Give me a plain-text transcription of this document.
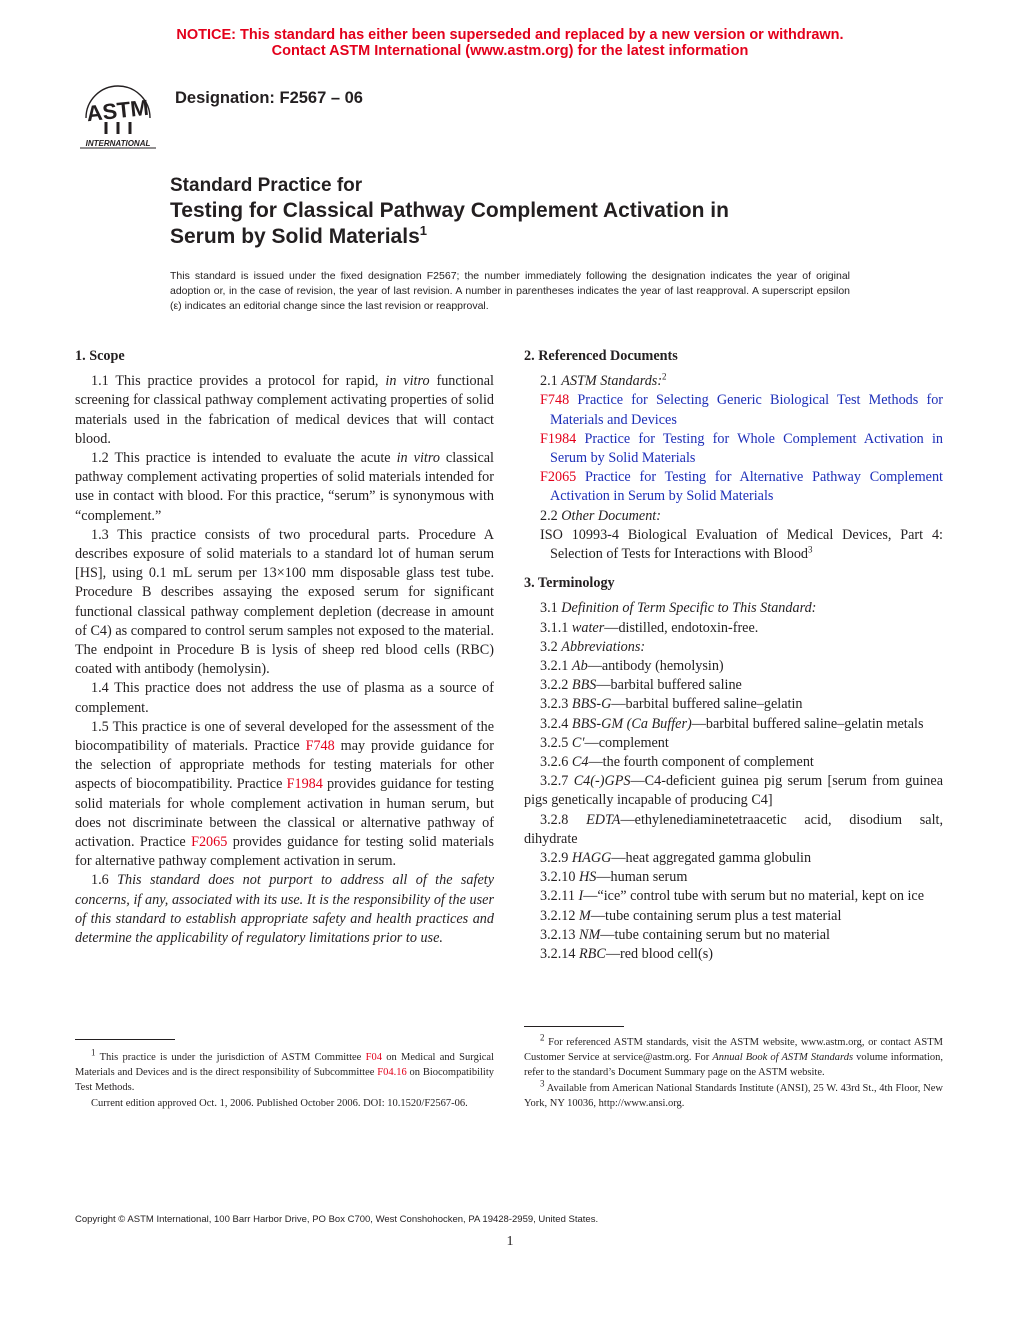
NOTICE: This standard has either been superseded and replaced by a new version or withdrawn.
Contact ASTM International (www.astm.org) for the latest information
ASTM
INTERNATIONAL
Designation: F2567 – 06
Standard Practice for
Testing for Classical Pathway Complement Activation in
Serum by Solid Materials$^1$
This standard is issued under the fixed designation F2567; the number immediately following the designation indicates the year of original adoption or, in the case of revision, the year of last revision. A number in parentheses indicates the year of last reapproval. A superscript epsilon (ε) indicates an editorial change since the last revision or reapproval.

1. Scope

1.1 This practice provides a protocol for rapid, in vitro functional screening for classical pathway complement activating properties of solid materials used in the fabrication of medical devices that will contact blood.

1.2 This practice is intended to evaluate the acute in vitro classical pathway complement activating properties of solid materials intended for use in contact with blood. For this practice, “serum” is synonymous with “complement.”

1.3 This practice consists of two procedural parts. Procedure A describes exposure of solid materials to a standard lot of human serum [HS], using 0.1 mL serum per 13×100 mm disposable glass test tube. Procedure B describes assaying the exposed serum for significant functional classical pathway complement depletion (decrease in amount of C4) as compared to control serum samples not exposed to the material. The endpoint in Procedure B is lysis of sheep red blood cells (RBC) coated with antibody (hemolysin).

1.4 This practice does not address the use of plasma as a source of complement.

1.5 This practice is one of several developed for the assessment of the biocompatibility of materials. Practice F748 may provide guidance for the selection of appropriate methods for testing materials for other aspects of biocompatibility. Practice F1984 provides guidance for testing solid materials for whole complement activation in human serum, but does not discriminate between the classical or alternative pathway of activation. Practice F2065 provides guidance for testing solid materials for alternative pathway complement activation in serum.

1.6 This standard does not purport to address all of the safety concerns, if any, associated with its use. It is the responsibility of the user of this standard to establish appropriate safety and health practices and determine the applicability of regulatory limitations prior to use.

2. Referenced Documents

2.1 ASTM Standards:$^2$

F748 Practice for Selecting Generic Biological Test Methods for Materials and Devices

F1984 Practice for Testing for Whole Complement Activation in Serum by Solid Materials

F2065 Practice for Testing for Alternative Pathway Complement Activation in Serum by Solid Materials

2.2 Other Document:

ISO 10993-4 Biological Evaluation of Medical Devices, Part 4: Selection of Tests for Interactions with Blood$^3$

3. Terminology

3.1 Definition of Term Specific to This Standard:

3.1.1 water—distilled, endotoxin-free.

3.2 Abbreviations:

3.2.1 Ab—antibody (hemolysin)

3.2.2 BBS—barbital buffered saline

3.2.3 BBS-G—barbital buffered saline–gelatin

3.2.4 BBS-GM (Ca Buffer)—barbital buffered saline–gelatin metals

3.2.5 C′—complement

3.2.6 C4—the fourth component of complement

3.2.7 C4(-)GPS—C4-deficient guinea pig serum [serum from guinea pigs genetically incapable of producing C4]

3.2.8 EDTA—ethylenediaminetetraacetic acid, disodium salt, dihydrate

3.2.9 HAGG—heat aggregated gamma globulin

3.2.10 HS—human serum

3.2.11 I—“ice” control tube with serum but no material, kept on ice

3.2.12 M—tube containing serum plus a test material

3.2.13 NM—tube containing serum but no material

3.2.14 RBC—red blood cell(s)

$^1$ This practice is under the jurisdiction of ASTM Committee F04 on Medical and Surgical Materials and Devices and is the direct responsibility of Subcommittee F04.16 on Biocompatibility Test Methods.

Current edition approved Oct. 1, 2006. Published October 2006. DOI: 10.1520/F2567-06.

$^2$ For referenced ASTM standards, visit the ASTM website, www.astm.org, or contact ASTM Customer Service at service@astm.org. For Annual Book of ASTM Standards volume information, refer to the standard’s Document Summary page on the ASTM website.

$^3$ Available from American National Standards Institute (ANSI), 25 W. 43rd St., 4th Floor, New York, NY 10036, http://www.ansi.org.

Copyright © ASTM International, 100 Barr Harbor Drive, PO Box C700, West Conshohocken, PA 19428-2959, United States.
1
